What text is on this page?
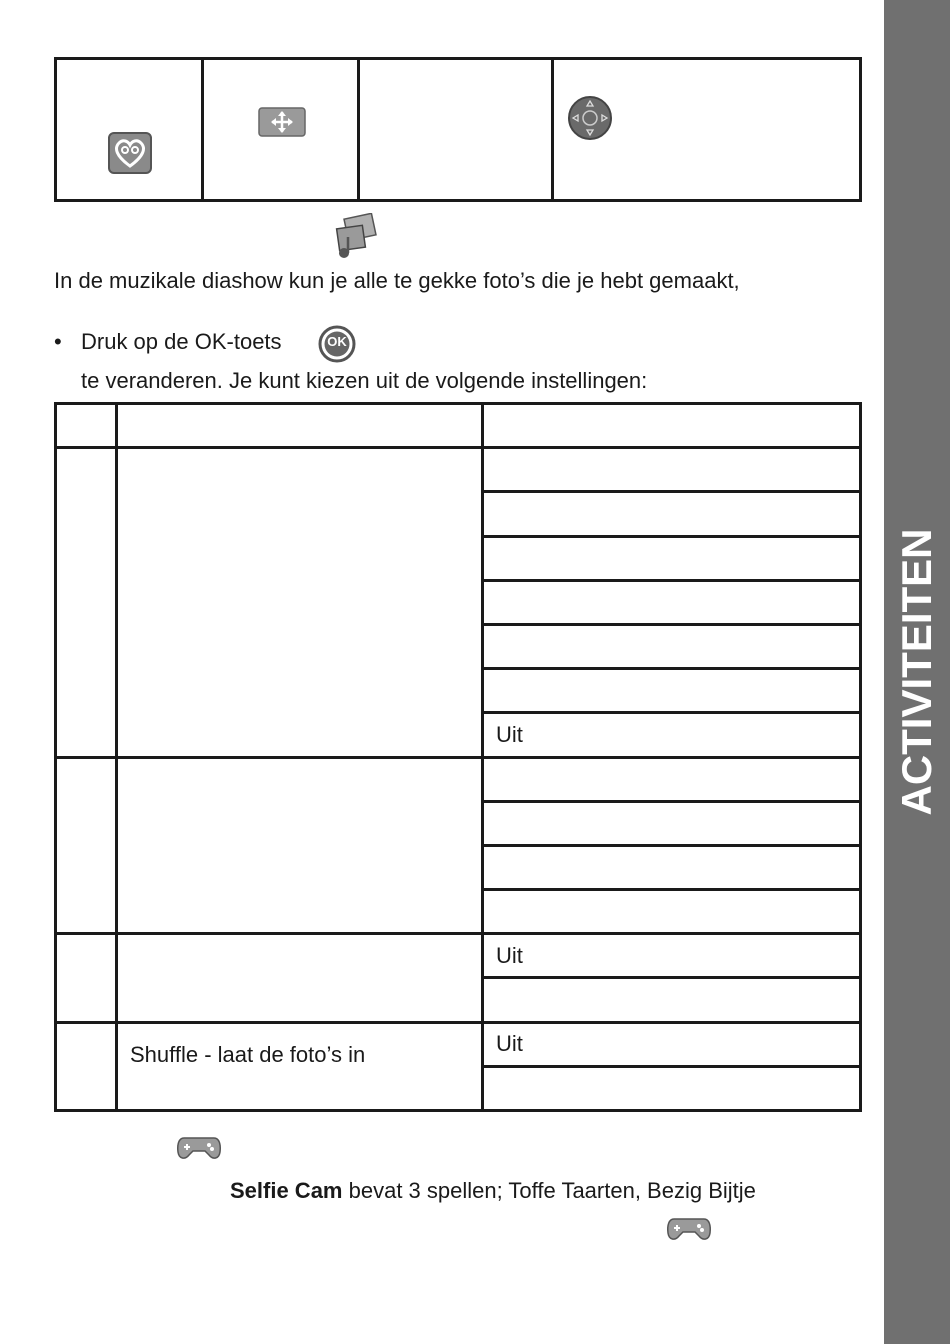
ACTIVITEITEN

In de muzikale diashow kun je alle te gekke foto’s die je hebt gemaakt,
• Druk op de OK-toets	OK
te veranderen. Je kunt kiezen uit de volgende instellingen:

		Uit

		Uit

	Shuffle - laat de foto’s in	Uit

Selfie Cam bevat 3 spellen; Toffe Taarten, Bezig Bijtje
